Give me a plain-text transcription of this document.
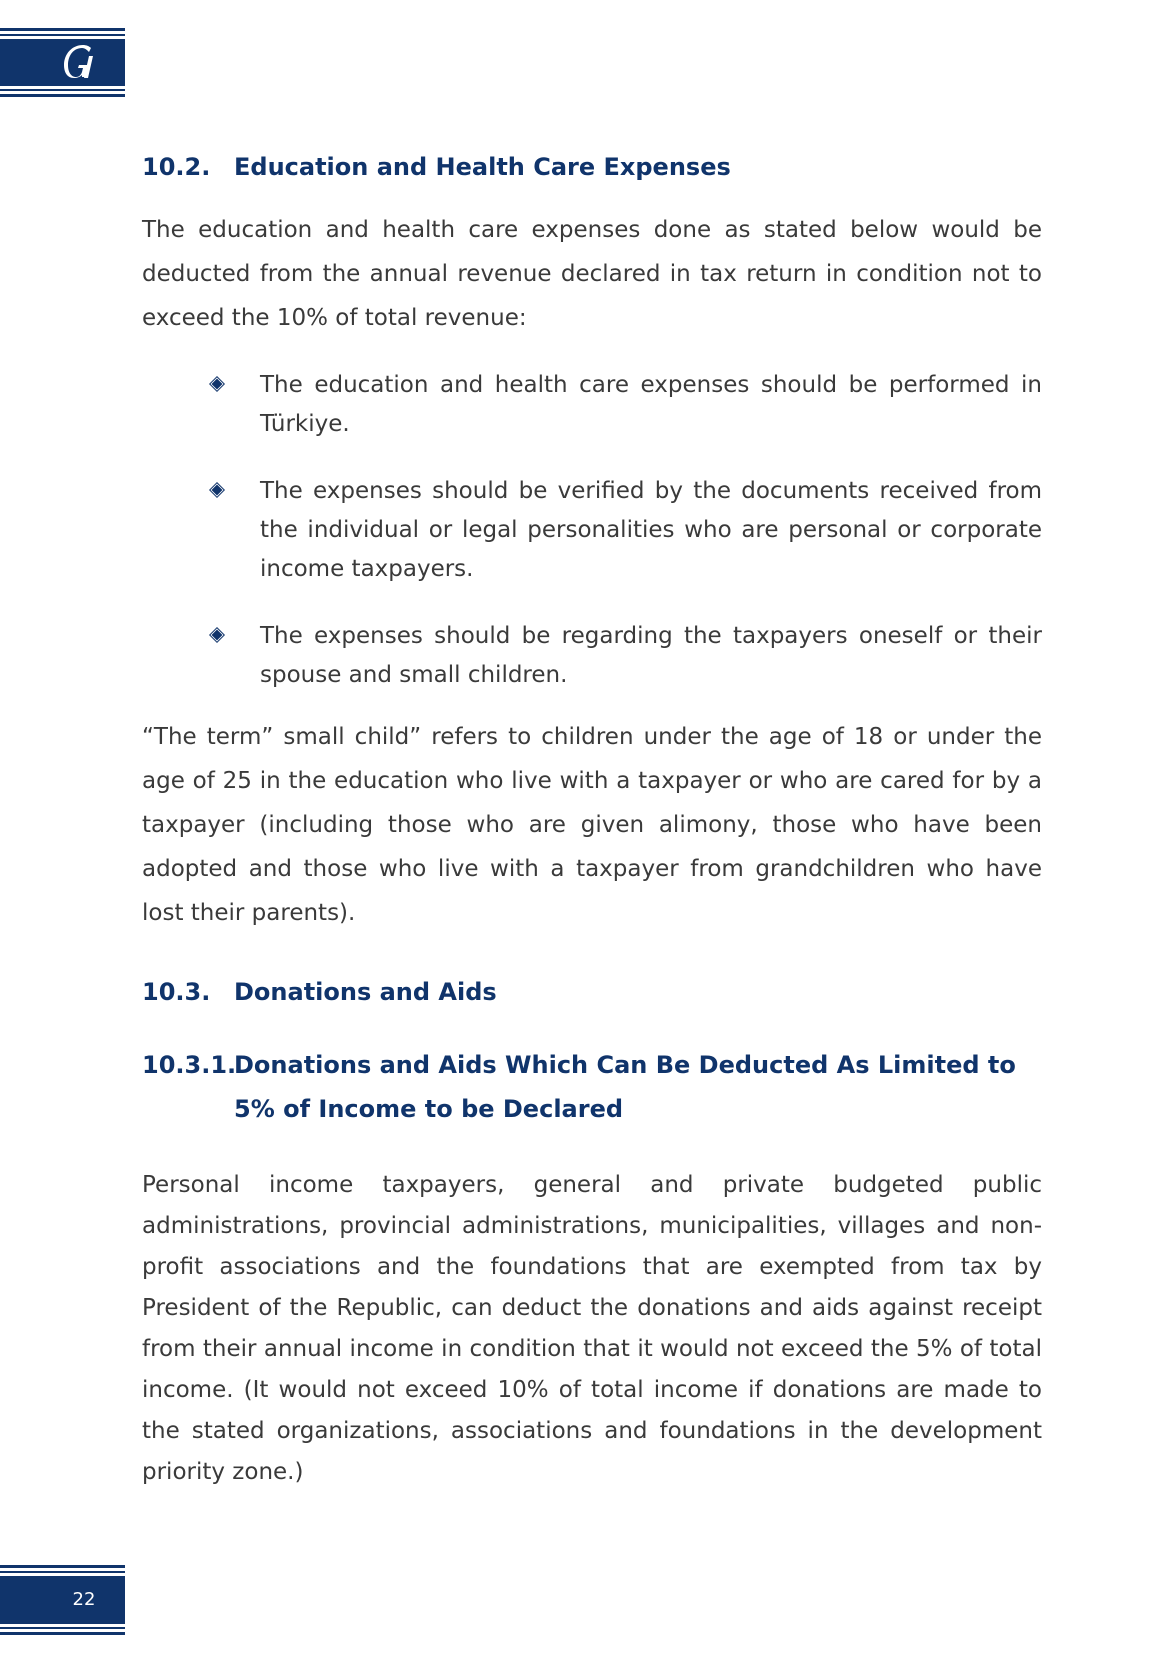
10.2. Education and Health Care Expenses

The education and health care expenses done as stated below would be deducted from the annual revenue declared in tax return in condition not to exceed the 10% of total revenue:

The education and health care expenses should be performed in Türkiye.
The expenses should be verified by the documents received from the individual or legal personalities who are personal or corporate income taxpayers.
The expenses should be regarding the taxpayers oneself or their spouse and small children.

“The term” small child” refers to children under the age of 18 or under the age of 25 in the education who live with a taxpayer or who are cared for by a taxpayer (including those who are given alimony, those who have been adopted and those who live with a taxpayer from grandchildren who have lost their parents).

10.3. Donations and Aids
10.3.1.
Donations and Aids Which Can Be Deducted As Limited to 5% of Income to be Declared

Personal income taxpayers, general and private budgeted public administrations, provincial administrations, municipalities, villages and non-profit associations and the foundations that are exempted from tax by President of the Republic, can deduct the donations and aids against receipt from their annual income in condition that it would not exceed the 5% of total income. (It would not exceed 10% of total income if donations are made to the stated organizations, associations and foundations in the development priority zone.)

22
